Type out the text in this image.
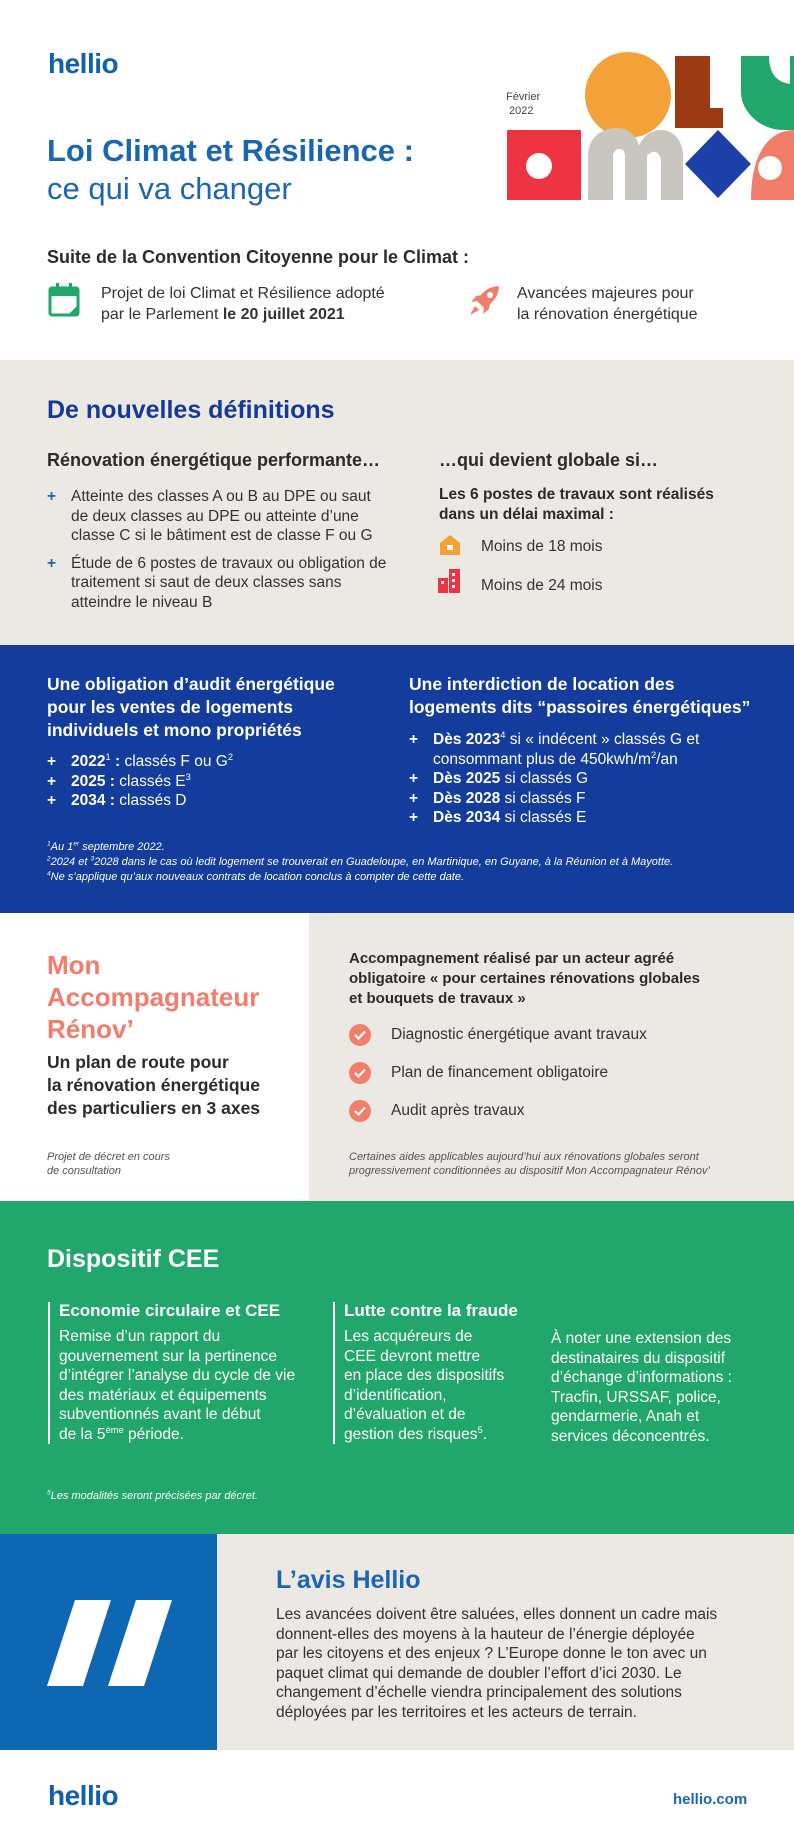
hellio
Février
2022
Loi Climat et Résilience :
ce qui va changer
Suite de la Convention Citoyenne pour le Climat :
Projet de loi Climat et Résilience adopté
par le Parlement le 20 juillet 2021
Avancées majeures pour
la rénovation énergétique
De nouvelles définitions
Rénovation énergétique performante…
+ Atteinte des classes A ou B au DPE ou saut de deux classes au DPE ou atteinte d’une classe C si le bâtiment est de classe F ou G
+ Étude de 6 postes de travaux ou obligation de traitement si saut de deux classes sans atteindre le niveau B
…qui devient globale si…
Les 6 postes de travaux sont réalisés
dans un délai maximal :
Moins de 18 mois
Moins de 24 mois
Une obligation d’audit énergétique
pour les ventes de logements
individuels et mono propriétés
+ $2022^1$ : classés F ou $G^2$
+ 2025 : classés $E^3$
+ 2034 : classés D
Une interdiction de location des
logements dits “passoires énergétiques”
+ Dès 2023$^4$ si « indécent » classés G et
consommant plus de $450kwh/m^2/an$
+ Dès 2025 si classés G
+ Dès 2028 si classés F
+ Dès 2034 si classés E
$^1$Au 1er septembre 2022.
$^2$2024 et $^3$2028 dans le cas où ledit logement se trouverait en Guadeloupe, en Martinique, en Guyane, à la Réunion et à Mayotte.
$^4$Ne s’applique qu’aux nouveaux contrats de location conclus à compter de cette date.
Mon
Accompagnateur
Rénov’
Un plan de route pour
la rénovation énergétique
des particuliers en 3 axes
Projet de décret en cours
de consultation
Accompagnement réalisé par un acteur agréé
obligatoire « pour certaines rénovations globales
et bouquets de travaux »
Diagnostic énergétique avant travaux
Plan de financement obligatoire
Audit après travaux
Certaines aides applicables aujourd’hui aux rénovations globales seront
progressivement conditionnées au dispositif Mon Accompagnateur Rénov’
Dispositif CEE
Economie circulaire et CEE
Remise d’un rapport du
gouvernement sur la pertinence
d’intégrer l’analyse du cycle de vie
des matériaux et équipements
subventionnés avant le début
de la 5ème période.
Lutte contre la fraude
Les acquéreurs de
CEE devront mettre
en place des dispositifs
d’identification,
d’évaluation et de
gestion des risques$^5$.
À noter une extension des
destinataires du dispositif
d’échange d’informations :
Tracfin, URSSAF, police,
gendarmerie, Anah et
services déconcentrés.
$^5$Les modalités seront précisées par décret.
L’avis Hellio
Les avancées doivent être saluées, elles donnent un cadre mais
donnent-elles des moyens à la hauteur de l’énergie déployée
par les citoyens et des enjeux ? L’Europe donne le ton avec un
paquet climat qui demande de doubler l’effort d’ici 2030. Le
changement d’échelle viendra principalement des solutions
déployées par les territoires et les acteurs de terrain.
hellio	hellio.com
